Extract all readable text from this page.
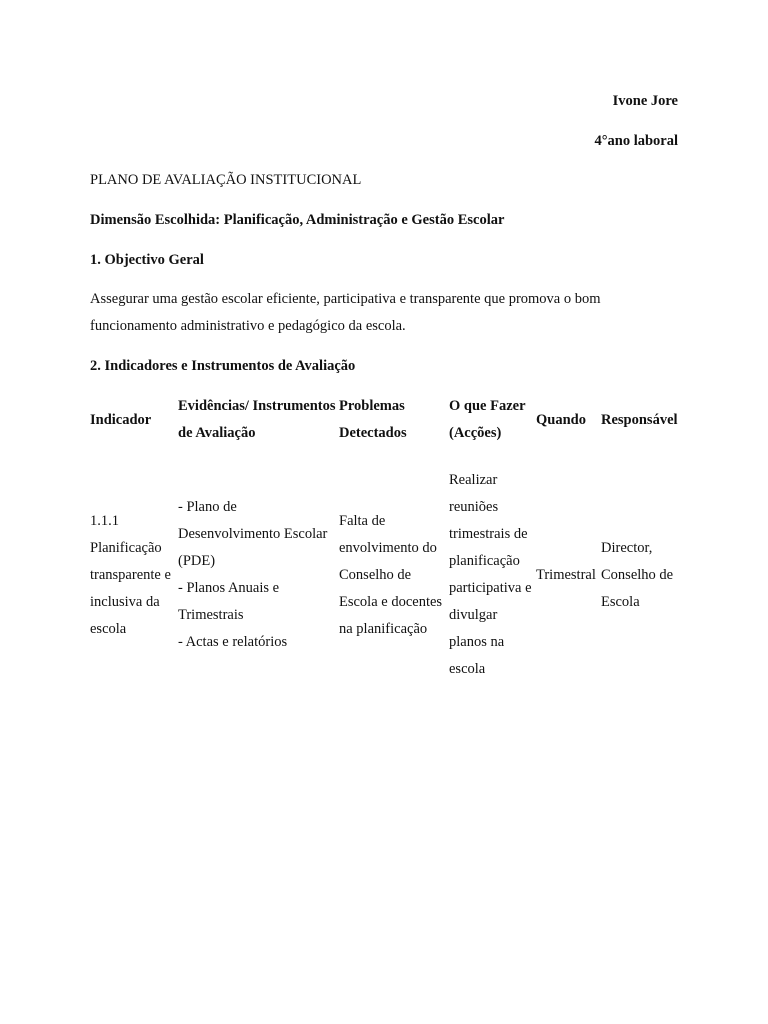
Ivone Jore
4°ano laboral
PLANO DE AVALIAÇÃO INSTITUCIONAL
Dimensão Escolhida: Planificação, Administração e Gestão Escolar
1. Objectivo Geral
Assegurar uma gestão escolar eficiente, participativa e transparente que promova o bom funcionamento administrativo e pedagógico da escola.
2. Indicadores e Instrumentos de Avaliação
Indicador	Evidências/ Instrumentos de Avaliação	Problemas Detectados	O que Fazer (Acções)	Quando	Responsável
1.1.1 Planificação transparente e inclusiva da escola	- Plano de Desenvolvimento Escolar (PDE)
- Planos Anuais e Trimestrais
- Actas e relatórios	Falta de envolvimento do Conselho de Escola e docentes na planificação	Realizar reuniões trimestrais de planificação participativa e divulgar planos na escola	Trimestral	Director, Conselho de Escola
